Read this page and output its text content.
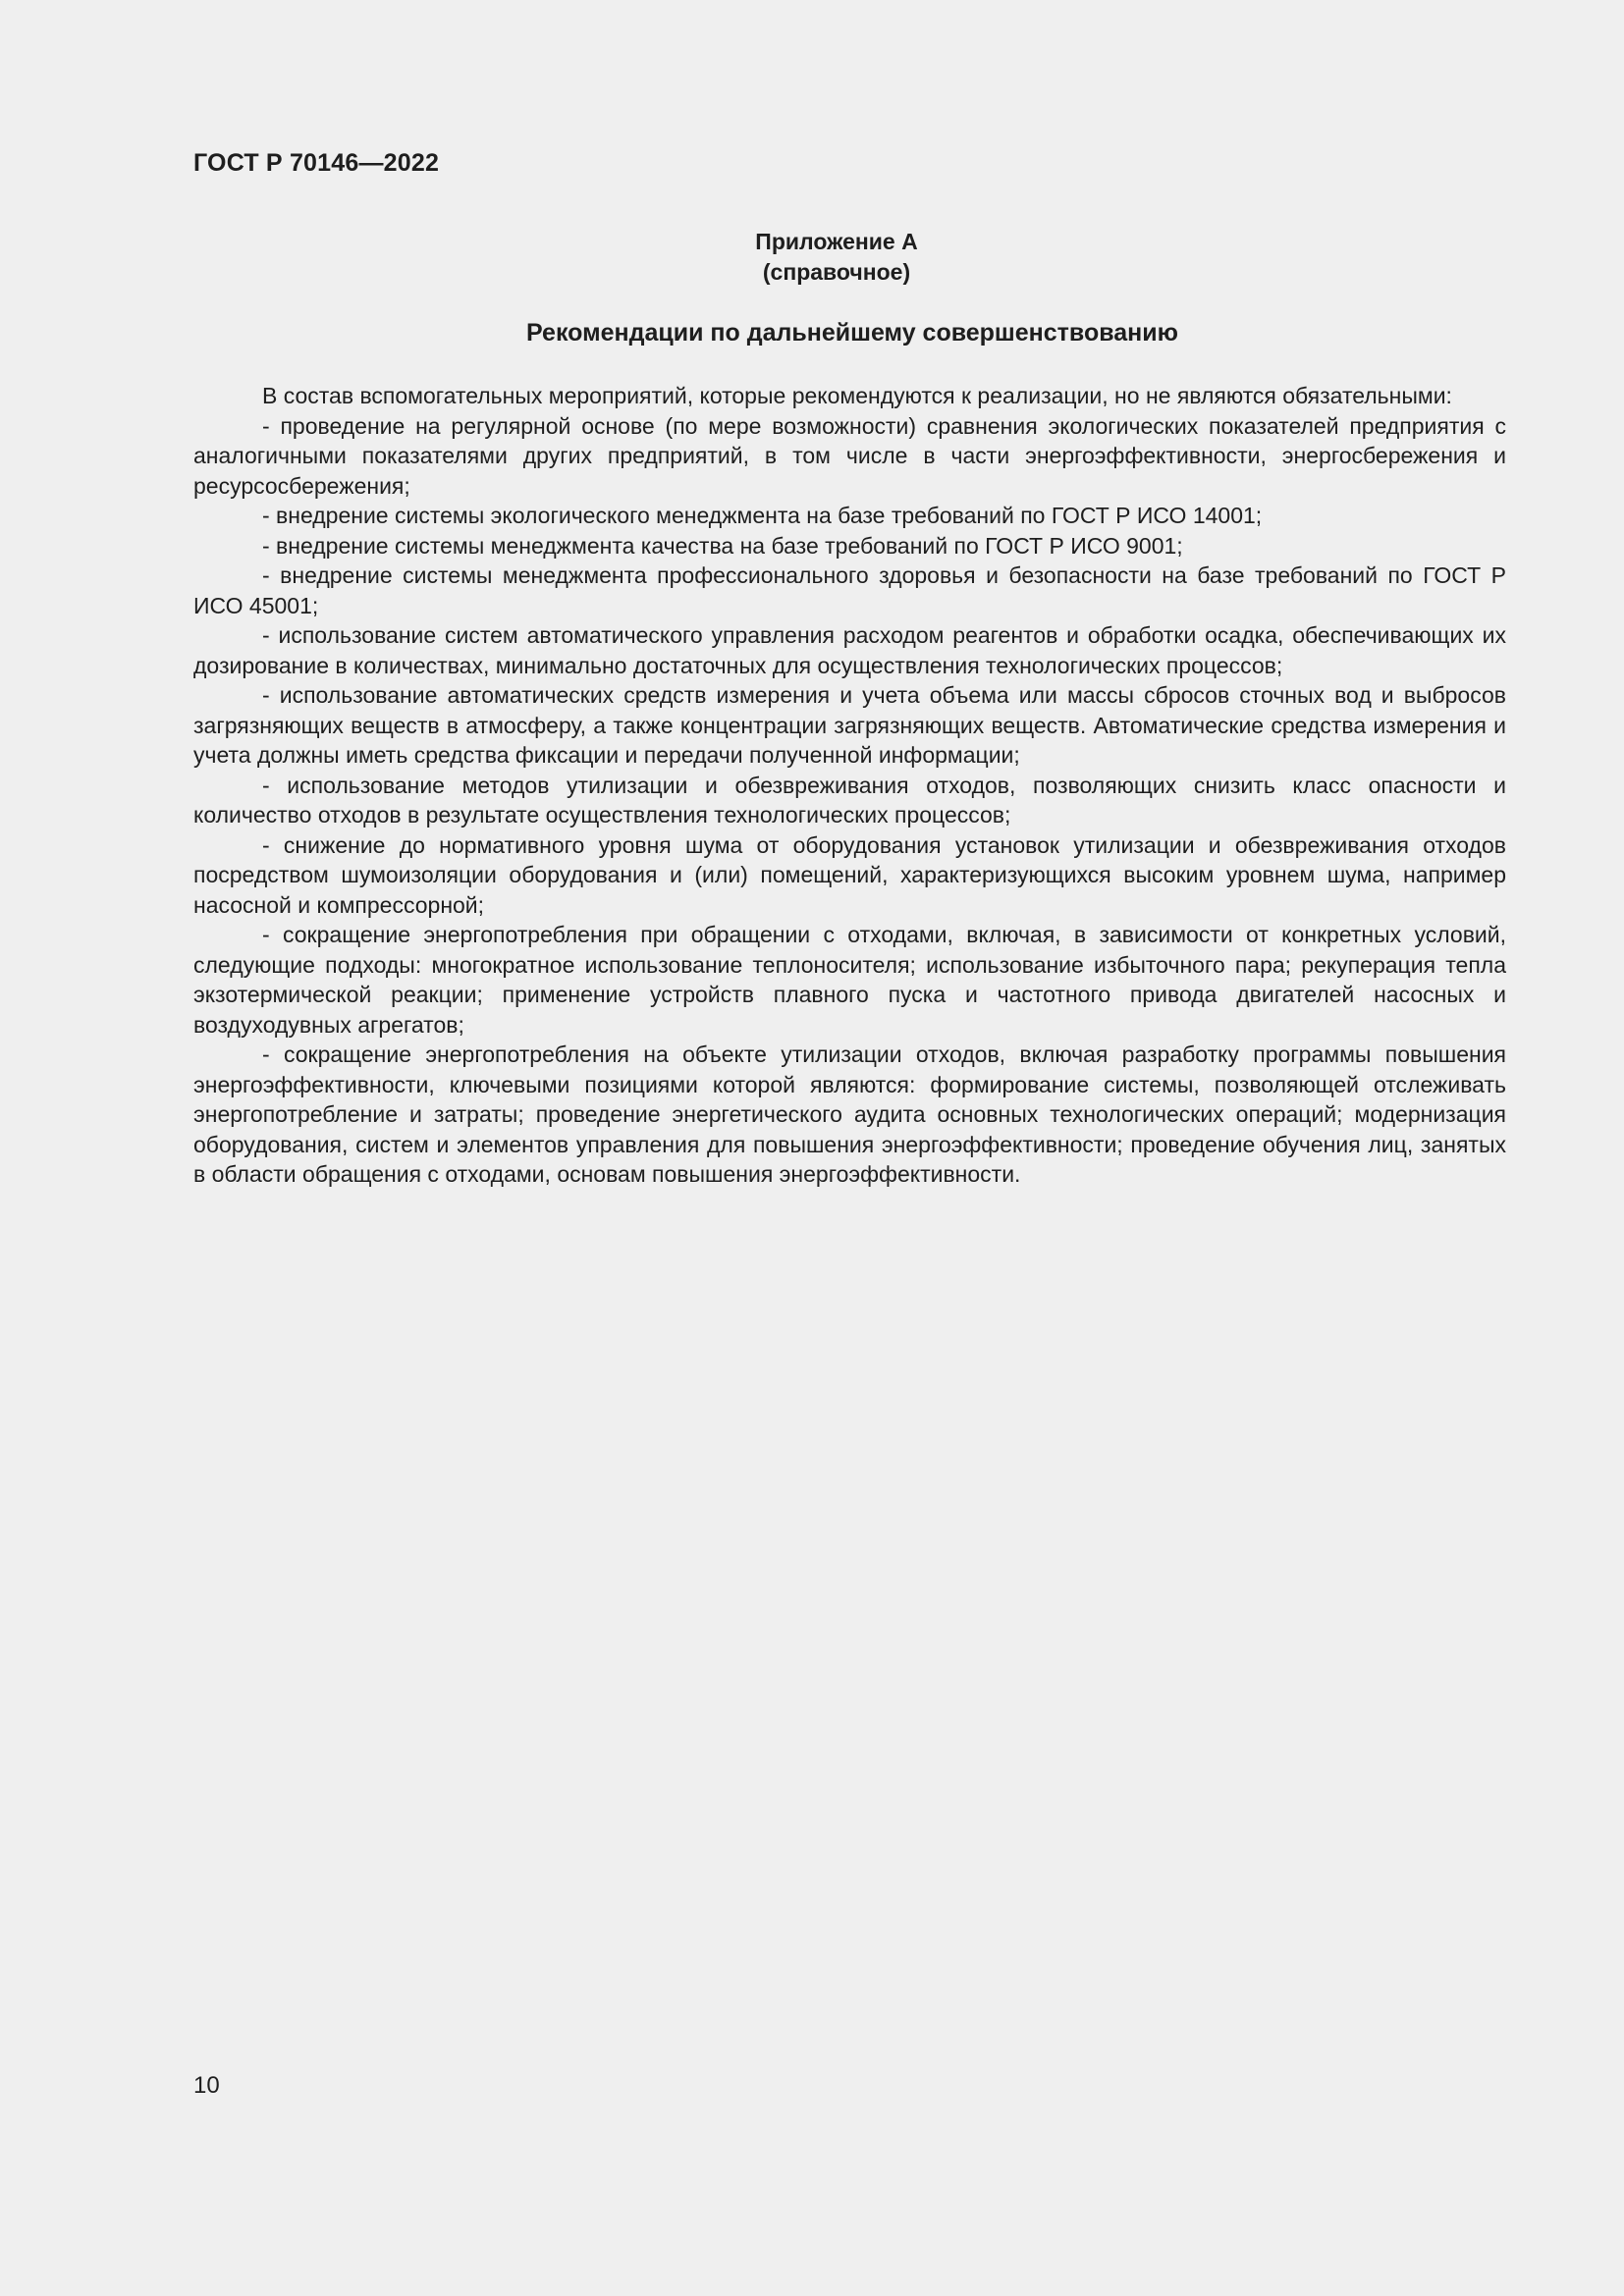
ГОСТ Р 70146—2022
Приложение А
(справочное)
Рекомендации по дальнейшему совершенствованию

В состав вспомогательных мероприятий, которые рекомендуются к реализации, но не являются обязательными:

- проведение на регулярной основе (по мере возможности) сравнения экологических показателей предприятия с аналогичными показателями других предприятий, в том числе в части энергоэффективности, энергосбережения и ресурсосбережения;

- внедрение системы экологического менеджмента на базе требований по ГОСТ Р ИСО 14001;

- внедрение системы менеджмента качества на базе требований по ГОСТ Р ИСО 9001;

- внедрение системы менеджмента профессионального здоровья и безопасности на базе требований по ГОСТ Р ИСО 45001;

- использование систем автоматического управления расходом реагентов и обработки осадка, обеспечивающих их дозирование в количествах, минимально достаточных для осуществления технологических процессов;

- использование автоматических средств измерения и учета объема или массы сбросов сточных вод и выбросов загрязняющих веществ в атмосферу, а также концентрации загрязняющих веществ. Автоматические средства измерения и учета должны иметь средства фиксации и передачи полученной информации;

- использование методов утилизации и обезвреживания отходов, позволяющих снизить класс опасности и количество отходов в результате осуществления технологических процессов;

- снижение до нормативного уровня шума от оборудования установок утилизации и обезвреживания отходов посредством шумоизоляции оборудования и (или) помещений, характеризующихся высоким уровнем шума, например насосной и компрессорной;

- сокращение энергопотребления при обращении с отходами, включая, в зависимости от конкретных условий, следующие подходы: многократное использование теплоносителя; использование избыточного пара; рекуперация тепла экзотермической реакции; применение устройств плавного пуска и частотного привода двигателей насосных и воздуходувных агрегатов;

- сокращение энергопотребления на объекте утилизации отходов, включая разработку программы повышения энергоэффективности, ключевыми позициями которой являются: формирование системы, позволяющей отслеживать энергопотребление и затраты; проведение энергетического аудита основных технологических операций; модернизация оборудования, систем и элементов управления для повышения энергоэффективности; проведение обучения лиц, занятых в области обращения с отходами, основам повышения энергоэффективности.

10
